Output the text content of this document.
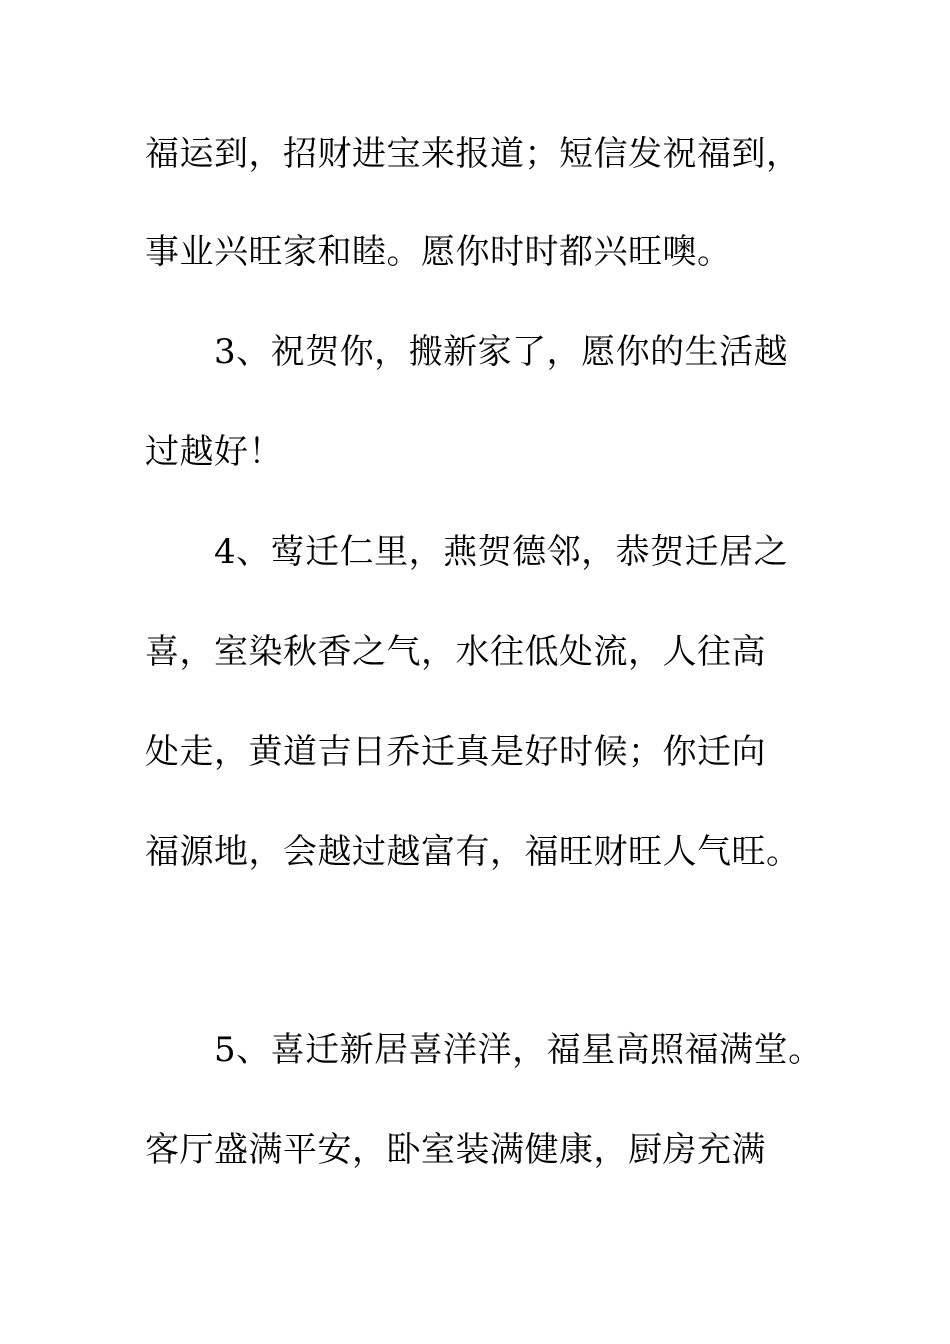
福运到，招财进宝来报道；短信发祝福到，
事业兴旺家和睦。愿你时时都兴旺噢。
3、祝贺你，搬新家了，愿你的生活越
过越好！
4、莺迁仁里，燕贺德邻，恭贺迁居之
喜，室染秋香之气，水往低处流，人往高
处走，黄道吉日乔迁真是好时候；你迁向
福源地，会越过越富有，福旺财旺人气旺。
5、喜迁新居喜洋洋，福星高照福满堂。
客厅盛满平安，卧室装满健康，厨房充满
